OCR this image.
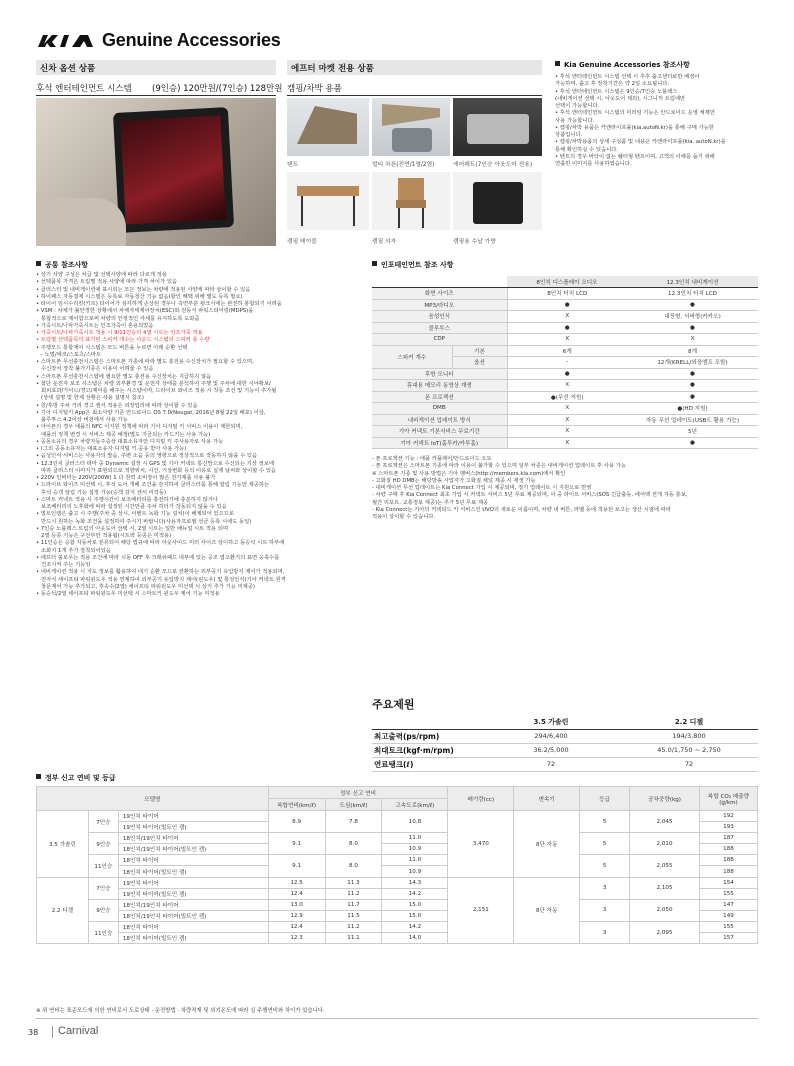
Genuine Accessories
신차 옵션 상품
후석 엔터테인먼트 시스템 (9인승) 120만원/(7인승) 128만원
에프터 마켓 전용 상품
캠핑/차박 용품
텐트	멀티 차폰(전면/1열/2열)	에어매트(7인승 아웃도어 전용)
캠핑 테이블	캠핑 의자	캠핑용 수납 가방
Kia Genuine Accessories 참조사항
• 후석 엔터테인먼트 시스템 선택 시 추후 출고센터로만 배정이
가능하며, 출고 후 장착기간은 약 2일 소요됩니다.
• 후석 엔터테인먼트 시스템은 9인승/7인승 노블레스
(내비게이션 선택 시, 아웃도어 제외), 시그니처 트림에만
선택이 가능합니다.
• 후석 엔터테인먼트 시스템의 미러링 기능은 안드로이드 운영 체제만
사용 가능합니다.
• 캠핑/차박 용품은 카앤라이프몰(kia.autoN.kr)을 통해 구매 가능한
상품입니다.
• 캠핑/차박용품의 상세 구성품 및 내용은 카앤라이프몰(kia. autoN.kr)을
통해 확인하실 수 있습니다.
• 텐트의 경우 바닥이 없는 쉘터형 텐트이며, 고객의 이해를 돕기 위해
연출된 이미지를 사용하였습니다.
공통 참조사항
• 상기 사양 구성은 차급 및 선택사양에 따라 다르게 적용
• 선택품목 가격은 트림별 적용 사양에 따라 가격 차이가 있음
• 클러스터 및 내비게이션에 표시되는 모든 정보는 차량에 적용된 사양에 따라 상이할 수 있음
• 하이패스 자동결제 시스템은 등록료 자동청산 기능 없음(할인 혜택 위해 별도 등록 필요)
• 타이어 임시수리킷(키트) 타이어가 심각하게 손상된 경우나 측면부분 펑크시에는 완전히 봉합되기 어려움
• VSM : 차체가 불안정한 상황에서 차체자세제어장치(ESC)와 전동식 파워스티어링(MDPS)을
통합적으로 제어함으로써 차량의 안정적인 자세를 유지하도록 도와줌
• 가죽시트/나파가죽시트는 인조가죽이 혼용되었음
• 가죽시트/나파가죽시트 적용 시 9/11인승의 4열 시트는 인조가죽 적용
• 트림별 선택품목의 표기된 스피커 개수는 사운드 시스템의 스피커 총 수량
• 주행모드 통합제어 시스템은 모드 버튼을 누르면 아래 순환 선택
- 노멀/에코/스포츠/스마트
• 스마트폰 무선충전시스템은 스마트폰 기종에 따라 별도 충전용 수신장치가 필요할 수 있으며,
수신장치 장착 불가기종은 이용이 어려울 수 있음
• 스마트폰 무선충전시스템에 필요한 별도 충전용 수신장치는 지급하지 않음
• 첨단 운전자 보조 시스템은 차량 외부환경 및 운전자 상태를 분석하여 주행 및 주차에 대한 시야확보/
회피효과/가이드/경고/제어를 해주는 시스템이며, 드라이브 와이즈 적용 시 작동 조건 및 기능이 추가될
(상세 설명 및 한계 상황은 사용 설명서 참조)
• 친/후방 주차 거리 경고 센서 적용은 외장업리에 따라 상이할 수 있음
• 기아 디지털키 App은 최소사양 기준 안드로이드 OS 7.0(Nougat, 2016년 8월 22일 배포) 이상,
블루투스 4.2이상 버전에서 사용 가능
• 아이폰의 경우 애플의 NFC 이지원 정책에 따라 기아 디지털 키 서비스 이용이 제한되며,
애플의 정책 변경 시 서비스 제공 예정(별도 지금되는 카드키는 사용 가능)
• 공동소유의 경우 차량자동주증상 대표소유자만 디지털 키 주사용자로 사용 가능
• (그외 공동소유자는 대표소유자 디지털 키 공유 받아 사용 가능)
• 음성인식 서비스는 사용자의 발음, 주변 소음 등의 영향으로 정상적으로 작동하지 않을 수 있음
• 12.3인치 클러스터 테마 중 Dynamic 설정 시 GPS 및 기아 커넥트 통신망으로 수신되는 기상 정보에
따라 클러스터 이미지가 표현되므로 적향위치, 시간, 기상변화 등의 이유로 실제 날씨와 상이할 수 있음
• 220V 인버터는 220V(200W) 1 다 전력 소비장이 많은 전기제품 사용 불가
• 드라이브 와이즈 미선택 시, 후석 도어 개폐 조건을 감지하여 클러스터를 통해 알림 기능만 제공하는
후석 승객 알림 기능 설정 가능(승객 감지 센서 미작동)
• 스마트 커넥트 적용 시 주행시간이 보조배터리를 충전하기에 충분하지 않거나
보조배터리의 노후화에 따라 설정된 시간만큼 주차 히터가 작동되지 않을 수 있음
• 빌트인캠은 출고 시 주행(주차 중 상시, 이벤트 녹화 기능 설치)이 해제되어 있으므로
반드시 원하는 녹화 조건을 설정하여 주시기 바랍니다(사용자프로필 선금 등록 시에도 동일)
• 7인승 노블레스 트림의 아웃도어 선택 시, 2열 시트는 일반 배뉴얼 시트 적용 되며
2열 등종 기능은 구선부만 적용됨(시트벽 등종은 미적용)
• 11인승은 승합 자동차로 분류되어 해당 법규에 따라 아웃사이드 미러 사이즈 상이하고 동승석 시트 하부에
소화기 1개 추가 장착되어있음
• 에프터 블로우는 적용 조건에 따라 시동 OFF 후 크래쉬패드 내부에 있는 공조 엽고환기의 표면 응축수를
건조시켜 주는 기능임
• 내비게이션 적용 시 지도 정보를 활용하여 내기 순환 모드로 전환하는 외부공기 유입방지 제어가 적용되며,
전자식 세이프티 파워윈도우 적용 연계하여 외부공기 유입방지 제어(윈도우) 및 통성인식(기아 커넥트 원격
창문제어 가능 추가되고, 후속수(2열) 세이프티 파워윈도우 미선택 시 상기 추가 기능 미제공)
• 동승석/2열 세이프티 파워윈도우 미선택 시 스마트키 윈도우 제어 기능 미적용
인포테인먼트 참조 사항
		8인치 디스플레이 오디오	12.3인치 내비게이션
화면 사이즈		8인치 터치 LCD	12.3인치 터치 LCD
MP3/라디오		●	●
음성인식		X	내장형, 서버형(카카오)
블루투스		●	●
CDP		X	X
스피커 개수	기본	6개	8개
	옵션	-	12개(KRELL/외장앰프 포함)
후방 모니터		●	●
휴대용 메모리 동영상 재생		X	●
폰 프로젝션		●(무선 지원)	●
DMB		X	●(HD 지원)
내비게이션 업데이트 방식		X	자동 무선 업데이트(USB도 활용 가능)
기아 커넥트 기본서비스 무료기간		X	5년
기아 커넥트 IoT(홈투카/카투홈)		X	●
- 폰 프로젝션 기능 : 애플 카플레이/안드로이드 오토
- 폰 프로젝션은 스마트폰 기종에 따라 이용이 불가할 수 있으며 일부 차종은 내비게이션 업데이트 후 사용 가능
※ 스마트폰 기종 및 사용 방법은 기아 멤버스(http://members.kia.com)에서 확인
- 고화질 HD DMB는 해당방송 사업자가 고화질 채널 제공 시 재생 가능
- 내비게이션 무선 업데이트는 Kia Connect 가입 시 제공되며, 정기 업데이트 시 지원으로 반영
- 차량 구매 후 Kia Connect 최초 가입 시 커넥트 서비스 5년 무료 제공되며, 이 중 라이트 서비스(SOS 긴급출동, 에어백 전개 자동 통보,
월간 리포트, 교통정보 제공)는 추가 5년 무료 제공
- Kia Connect는 기아의 커넥티드 카 서비스인 UVO의 새로운 이름이며, 차량 내 버튼, 라벨 등에 적용된 로고는 생산 시점에 따라
적용이 상이할 수 있습니다.
주요제원
	3.5 가솔린	2.2 디젤
최고출력(ps/rpm)	294/6,400	194/3,800
최대토크(kgf·m/rpm)	36.2/5,000	45.0/1,750 ~ 2,750
연료탱크(ℓ)	72	72
정부 신고 연비 및 등급
모델명			정부 신고 연비			배기량(cc)	변속기	등급	공차중량(kg)	복합 CO₂ 배출량 (g/km)
			복합연비(km/ℓ)	도심(km/ℓ)	고속도로(km/ℓ)					
3.5 가솔린	7인승	19인치 타이어	8.9	7.8	10.8	3,470	8단 자동	5	2,045	192
		19인치 타이어(빌트인 캠)								193
	9인승	18인치/19인치 타이어	9.1	8.0	11.0			5	2,010	187
		18인치/19인치 타이어(빌트인 캠)			10.9					188
	11인승	18인치 타이어	9.1	8.0	11.0			5	2,055	188
		18인치 타이어(빌트인 캠)			10.9					188
2.2 디젤	7인승	19인치 타이어	12.5	11.3	14.3	2,151	8단 자동	3	2,105	154
		19인치 타이어(빌트인 캠)	12.4	11.2	14.2					155
	9인승	18인치/19인치 타이어	13.0	11.7	15.0			3	2,050	147
		18인치/19인치 타이어(빌트인 캠)	12.9	11.5	15.0					149
	11인승	18인치 타이어	12.4	11.2	14.2			3	2,095	155
		18인치 타이어(빌트인 캠)	12.3	11.1	14.0					157
※ 위 연비는 표준모드에 의한 연비로서 도로상태 · 운전방법 · 차량적재 및 외기온도에 따라 실 주행연비와 차이가 있습니다.
38 Carnival
